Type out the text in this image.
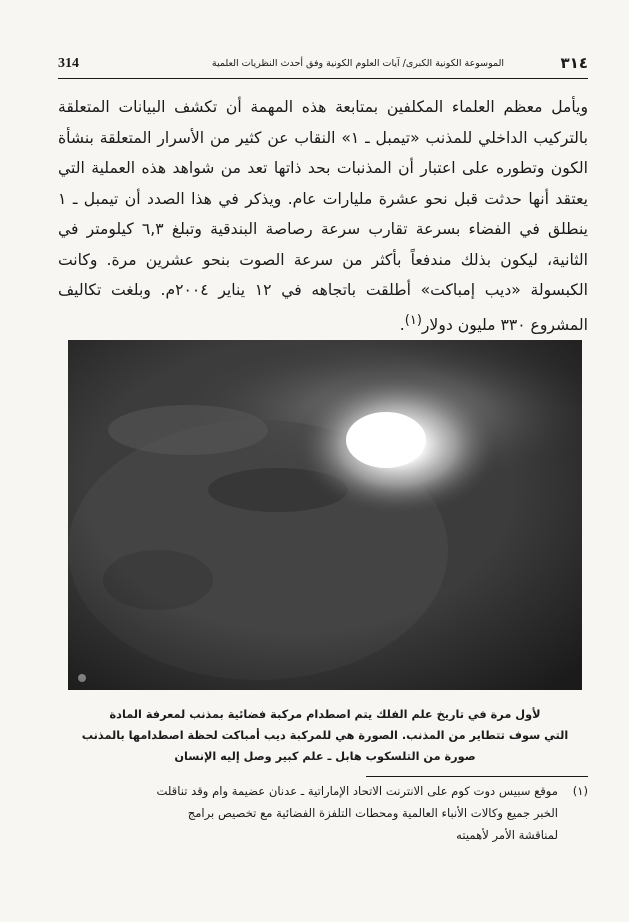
314	الموسوعة الكونية الكبرى/ آيات العلوم الكونية وفق أحدث النظريات العلمية	٣١٤

ويأمل معظم العلماء المكلفين بمتابعة هذه المهمة أن تكشف البيانات المتعلقة بالتركيب الداخلي للمذنب «تيمبل ـ ١» النقاب عن كثير من الأسرار المتعلقة بنشأة الكون وتطوره على اعتبار أن المذنبات بحد ذاتها تعد من شواهد هذه العملية التي يعتقد أنها حدثت قبل نحو عشرة مليارات عام. ويذكر في هذا الصدد أن تيمبل ـ ١ ينطلق في الفضاء بسرعة تقارب سرعة رصاصة البندقية وتبلغ ٦,٣ كيلومتر في الثانية، ليكون بذلك مندفعاً بأكثر من سرعة الصوت بنحو عشرين مرة. وكانت الكبسولة «ديب إمباكت» أطلقت باتجاهه في ١٢ يناير ٢٠٠٤م. وبلغت تكاليف المشروع ٣٣٠ مليون دولار$^{(١)}$.

لأول مرة في تاريخ علم الفلك يتم اصطدام مركبة فضائية بمذنب لمعرفة المادة
التي سوف تتطاير من المذنب. الصورة هي للمركبة ديب أمباكت لحظة اصطدامها بالمذنب
صورة من التلسكوب هابل ـ علم كبير وصل إليه الإنسان
(١)موقع سبيس دوت كوم على الانترنت الاتحاد الإماراتية ـ عدنان عضيمة وام وقد تناقلت
الخبر جميع وكالات الأنباء العالمية ومحطات التلفزة الفضائية مع تخصيص برامج
لمناقشة الأمر لأهميته
